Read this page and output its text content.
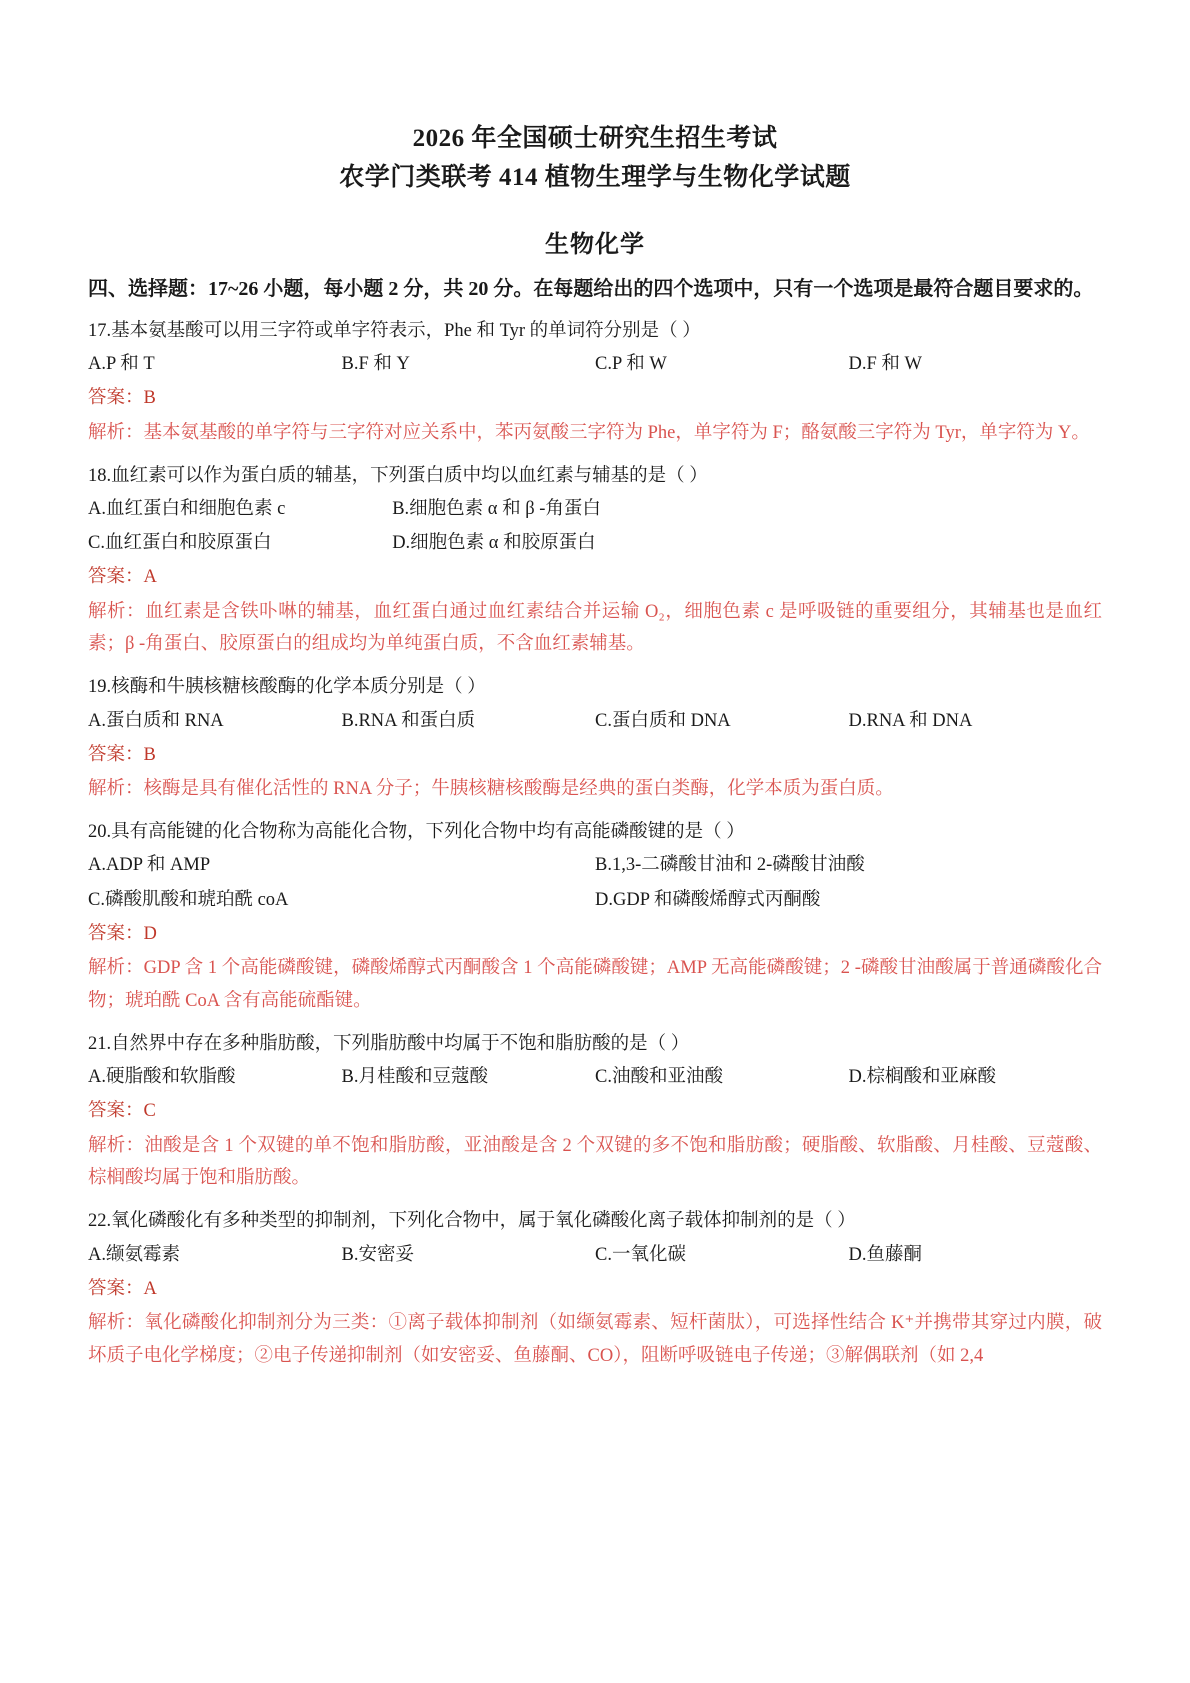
2026 年全国硕士研究生招生考试
农学门类联考 414 植物生理学与生物化学试题
生物化学
四、选择题：17~26 小题，每小题 2 分，共 20 分。在每题给出的四个选项中，只有一个选项是最符合题目要求的。
17.基本氨基酸可以用三字符或单字符表示，Phe 和 Tyr 的单词符分别是（ ）
A.P 和 T	B.F 和 Y	C.P 和 W	D.F 和 W
答案：B
解析：基本氨基酸的单字符与三字符对应关系中，苯丙氨酸三字符为 Phe，单字符为 F；酪氨酸三字符为 Tyr，单字符为 Y。
18.血红素可以作为蛋白质的辅基，下列蛋白质中均以血红素与辅基的是（ ）
A.血红蛋白和细胞色素 c	B.细胞色素 α 和 β -角蛋白
C.血红蛋白和胶原蛋白	D.细胞色素 α 和胶原蛋白
答案：A
解析：血红素是含铁卟啉的辅基，血红蛋白通过血红素结合并运输 O₂，细胞色素 c 是呼吸链的重要组分，其辅基也是血红素；β -角蛋白、胶原蛋白的组成均为单纯蛋白质，不含血红素辅基。
19.核酶和牛胰核糖核酸酶的化学本质分别是（ ）
A.蛋白质和 RNA	B.RNA 和蛋白质	C.蛋白质和 DNA	D.RNA 和 DNA
答案：B
解析：核酶是具有催化活性的 RNA 分子；牛胰核糖核酸酶是经典的蛋白类酶，化学本质为蛋白质。
20.具有高能键的化合物称为高能化合物，下列化合物中均有高能磷酸键的是（ ）
A.ADP 和 AMP	B.1,3-二磷酸甘油和 2-磷酸甘油酸
C.磷酸肌酸和琥珀酰 coA	D.GDP 和磷酸烯醇式丙酮酸
答案：D
解析：GDP 含 1 个高能磷酸键，磷酸烯醇式丙酮酸含 1 个高能磷酸键；AMP 无高能磷酸键；2 -磷酸甘油酸属于普通磷酸化合物；琥珀酰 CoA 含有高能硫酯键。
21.自然界中存在多种脂肪酸，下列脂肪酸中均属于不饱和脂肪酸的是（ ）
A.硬脂酸和软脂酸	B.月桂酸和豆蔻酸	C.油酸和亚油酸	D.棕榈酸和亚麻酸
答案：C
解析：油酸是含 1 个双键的单不饱和脂肪酸，亚油酸是含 2 个双键的多不饱和脂肪酸；硬脂酸、软脂酸、月桂酸、豆蔻酸、棕榈酸均属于饱和脂肪酸。
22.氧化磷酸化有多种类型的抑制剂，下列化合物中，属于氧化磷酸化离子载体抑制剂的是（ ）
A.缬氨霉素	B.安密妥	C.一氧化碳	D.鱼藤酮
答案：A
解析：氧化磷酸化抑制剂分为三类：①离子载体抑制剂（如缬氨霉素、短杆菌肽），可选择性结合 K⁺并携带其穿过内膜，破坏质子电化学梯度；②电子传递抑制剂（如安密妥、鱼藤酮、CO），阻断呼吸链电子传递；③解偶联剂（如 2,4
